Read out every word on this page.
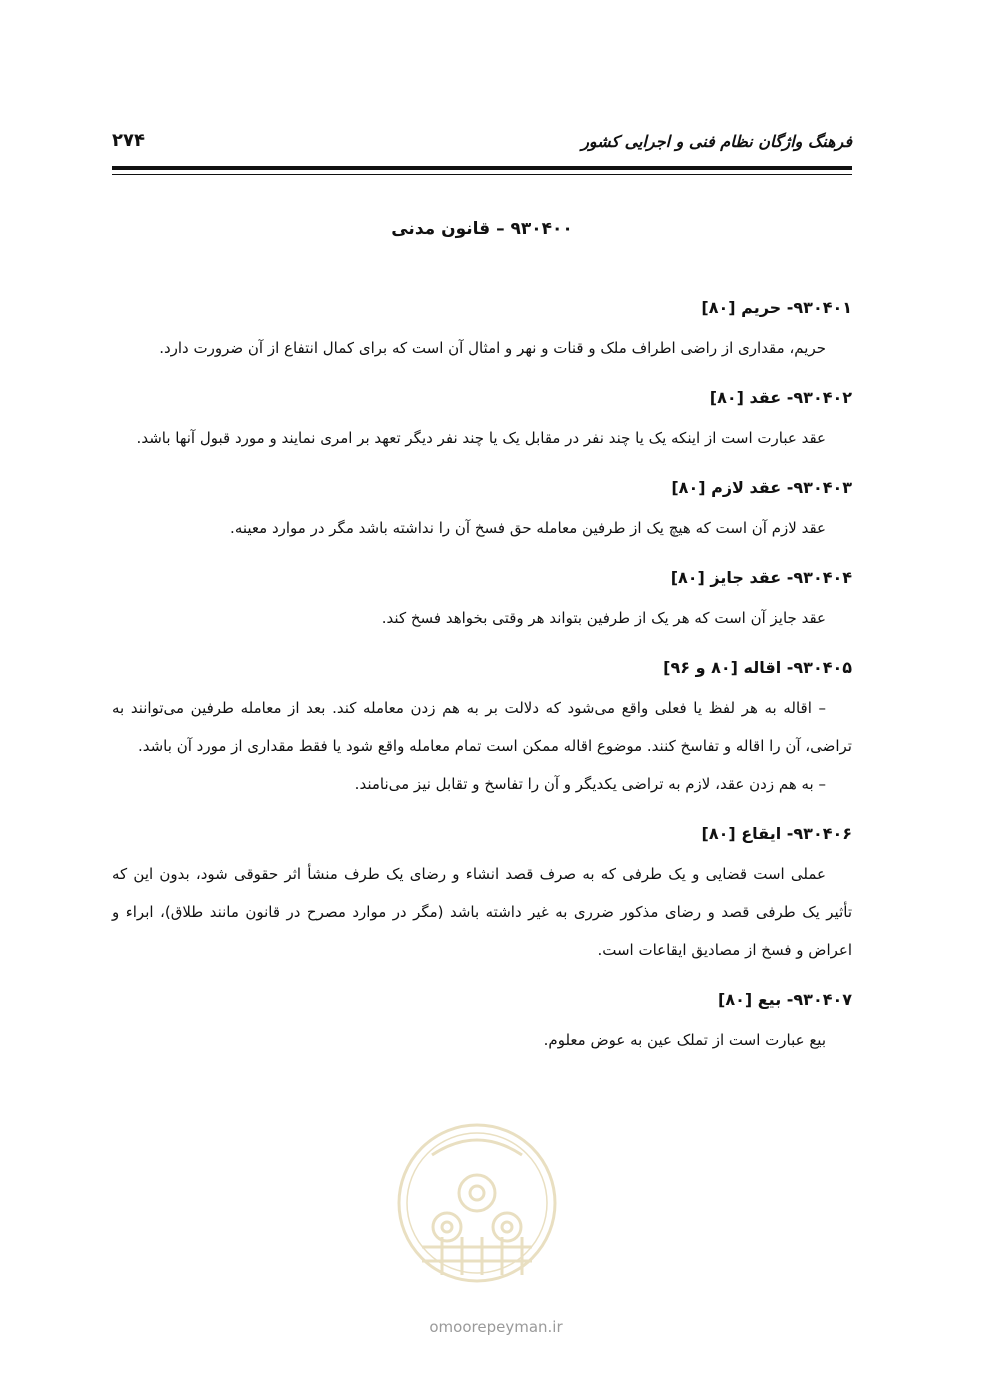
فرهنگ واژگان نظام فنی و اجرایی کشور
۲۷۴
۹۳۰۴۰۰ – قانون مدنی
۹۳۰۴۰۱- حریم [۸۰]

حریم، مقداری از راضی اطراف ملک و قنات و نهر و امثال آن است که برای کمال انتفاع از آن ضرورت دارد.

۹۳۰۴۰۲- عقد [۸۰]

عقد عبارت است از اینکه یک یا چند نفر در مقابل یک یا چند نفر دیگر تعهد بر امری نمایند و مورد قبول آنها باشد.

۹۳۰۴۰۳- عقد لازم [۸۰]

عقد لازم آن است که هیچ یک از طرفین معامله حق فسخ آن را نداشته باشد مگر در موارد معینه.

۹۳۰۴۰۴- عقد جایز [۸۰]

عقد جایز آن است که هر یک از طرفین بتواند هر وقتی بخواهد فسخ کند.

۹۳۰۴۰۵- اقاله [۸۰ و ۹۶]

– اقاله به هر لفظ یا فعلی واقع می‌شود که دلالت بر به هم زدن معامله کند. بعد از معامله طرفین می‌توانند به تراضی، آن را اقاله و تفاسخ کنند. موضوع اقاله ممکن است تمام معامله واقع شود یا فقط مقداری از مورد آن باشد.

– به هم زدن عقد، لازم به تراضی یکدیگر و آن را تفاسخ و تقابل نیز می‌نامند.

۹۳۰۴۰۶- ایقاع [۸۰]

عملی است قضایی و یک طرفی که به صرف قصد انشاء و رضای یک طرف منشأ اثر حقوقی شود، بدون این که تأثیر یک طرفی قصد و رضای مذکور ضرری به غیر داشته باشد (مگر در موارد مصرح در قانون مانند طلاق)، ابراء و اعراض و فسخ از مصادیق ایقاعات است.

۹۳۰۴۰۷- بیع [۸۰]

بیع عبارت است از تملک عین به عوض معلوم.

omoorepeyman.ir
